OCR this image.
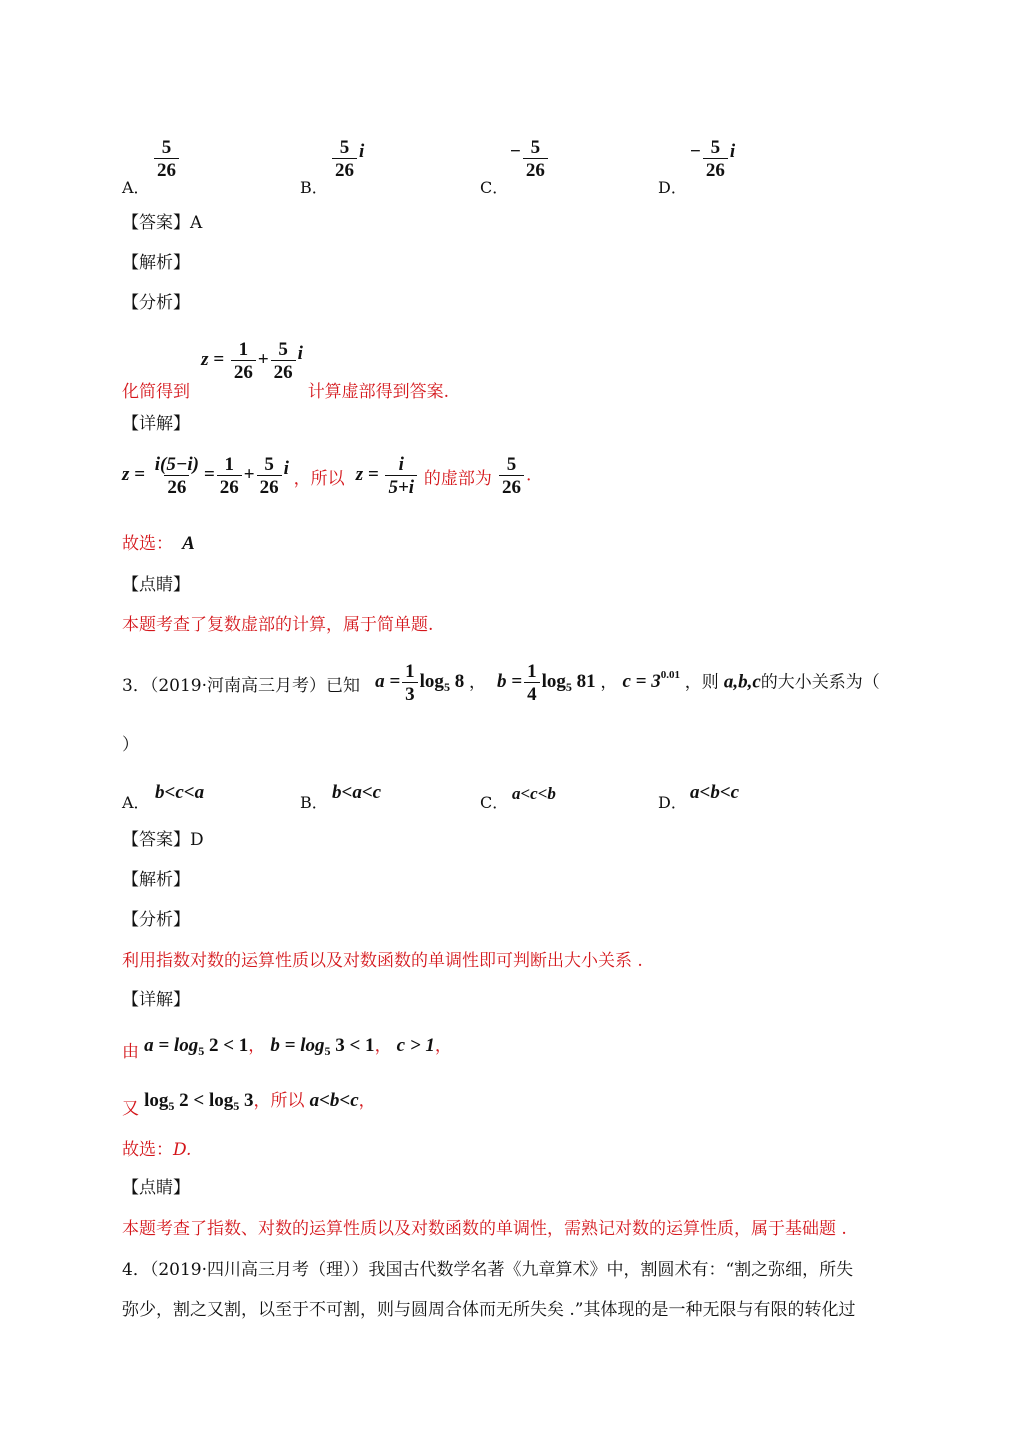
A．
$\frac{5}{26}$
B．
$\frac{5}{26}$ i
C．
− $\frac{5}{26}$
D．
− $\frac{5}{26}$ i
【答案】A
【解析】
【分析】
化简得到 $z = \frac{1}{26} + \frac{5}{26}$ i 计算虚部得到答案.
【详解】
$z = \frac{i(5-i)}{26} = \frac{1}{26} + \frac{5}{26}$ i ，所以 $z = \frac{i}{5+i}$ 的虚部为 $\frac{5}{26}$ .
故选： A
【点睛】
本题考查了复数虚部的计算，属于简单题.
3．（2019·河南高三月考）已知 $a = \frac{1}{3} \log_5 8$ ， $b = \frac{1}{4} \log_5 81$ ， $c = 3^{0.01}$ ，则 a,b,c的大小关系为（
）
A． b<c<a	B． b<a<c	C． a<c<b	D． a<b<c
【答案】D
【解析】
【分析】
利用指数对数的运算性质以及对数函数的单调性即可判断出大小关系 .
【详解】
由 $a = \log_5 2 < 1$， $b = \log_5 3 < 1$， c > 1，
又 $\log_5 2 < \log_5 3$，所以 a<b<c，
故选：D.
【点睛】
本题考查了指数、对数的运算性质以及对数函数的单调性，需熟记对数的运算性质，属于基础题 .
4．（2019·四川高三月考（理））我国古代数学名著《九章算术》中，割圆术有：“割之弥细，所失
弥少，割之又割，以至于不可割，则与圆周合体而无所失矣 .”其体现的是一种无限与有限的转化过
